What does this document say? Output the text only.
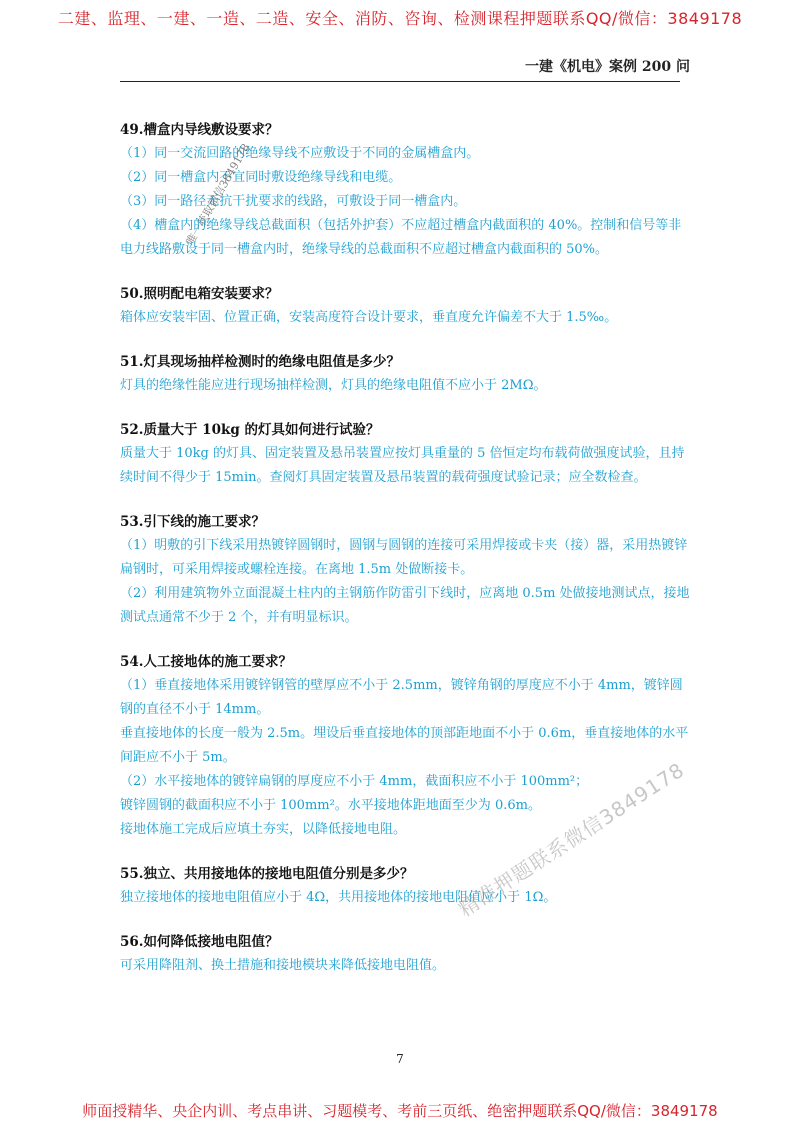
二建、监理、一建、一造、二造、安全、消防、咨询、检测课程押题联系QQ/微信：3849178
一建《机电》案例 200 问

49.槽盒内导线敷设要求？

（1）同一交流回路的绝缘导线不应敷设于不同的金属槽盒内。

（2）同一槽盒内不宜同时敷设绝缘导线和电缆。

（3）同一路径无抗干扰要求的线路，可敷设于同一槽盒内。

（4）槽盒内的绝缘导线总截面积（包括外护套）不应超过槽盒内截面积的 40%。控制和信号等非电力线路敷设于同一槽盒内时，绝缘导线的总截面积不应超过槽盒内截面积的 50%。

50.照明配电箱安装要求？

箱体应安装牢固、位置正确，安装高度符合设计要求，垂直度允许偏差不大于 1.5‰。

51.灯具现场抽样检测时的绝缘电阻值是多少？

灯具的绝缘性能应进行现场抽样检测，灯具的绝缘电阻值不应小于 2MΩ。

52.质量大于 10kg 的灯具如何进行试验？

质量大于 10kg 的灯具、固定装置及悬吊装置应按灯具重量的 5 倍恒定均布载荷做强度试验，且持续时间不得少于 15min。查阅灯具固定装置及悬吊装置的载荷强度试验记录；应全数检查。

53.引下线的施工要求？

（1）明敷的引下线采用热镀锌圆钢时，圆钢与圆钢的连接可采用焊接或卡夹（接）器，采用热镀锌扁钢时，可采用焊接或螺栓连接。在离地 1.5m 处做断接卡。

（2）利用建筑物外立面混凝土柱内的主钢筋作防雷引下线时，应离地 0.5m 处做接地测试点，接地测试点通常不少于 2 个，并有明显标识。

54.人工接地体的施工要求？

（1）垂直接地体采用镀锌钢管的壁厚应不小于 2.5mm，镀锌角钢的厚度应不小于 4mm，镀锌圆钢的直径不小于 14mm。

垂直接地体的长度一般为 2.5m。埋设后垂直接地体的顶部距地面不小于 0.6m，垂直接地体的水平间距应不小于 5m。

（2）水平接地体的镀锌扁钢的厚度应不小于 4mm，截面积应不小于 100mm²；

镀锌圆钢的截面积应不小于 100mm²。水平接地体距地面至少为 0.6m。

接地体施工完成后应填土夯实，以降低接地电阻。

55.独立、共用接地体的接地电阻值分别是多少？

独立接地体的接地电阻值应小于 4Ω，共用接地体的接地电阻值应小于 1Ω。

56.如何降低接地电阻值？

可采用降阻剂、换土措施和接地模块来降低接地电阻值。

唯一获取微信3849178
精准押题联系微信3849178
7
师面授精华、央企内训、考点串讲、习题模考、考前三页纸、绝密押题联系QQ/微信：3849178
